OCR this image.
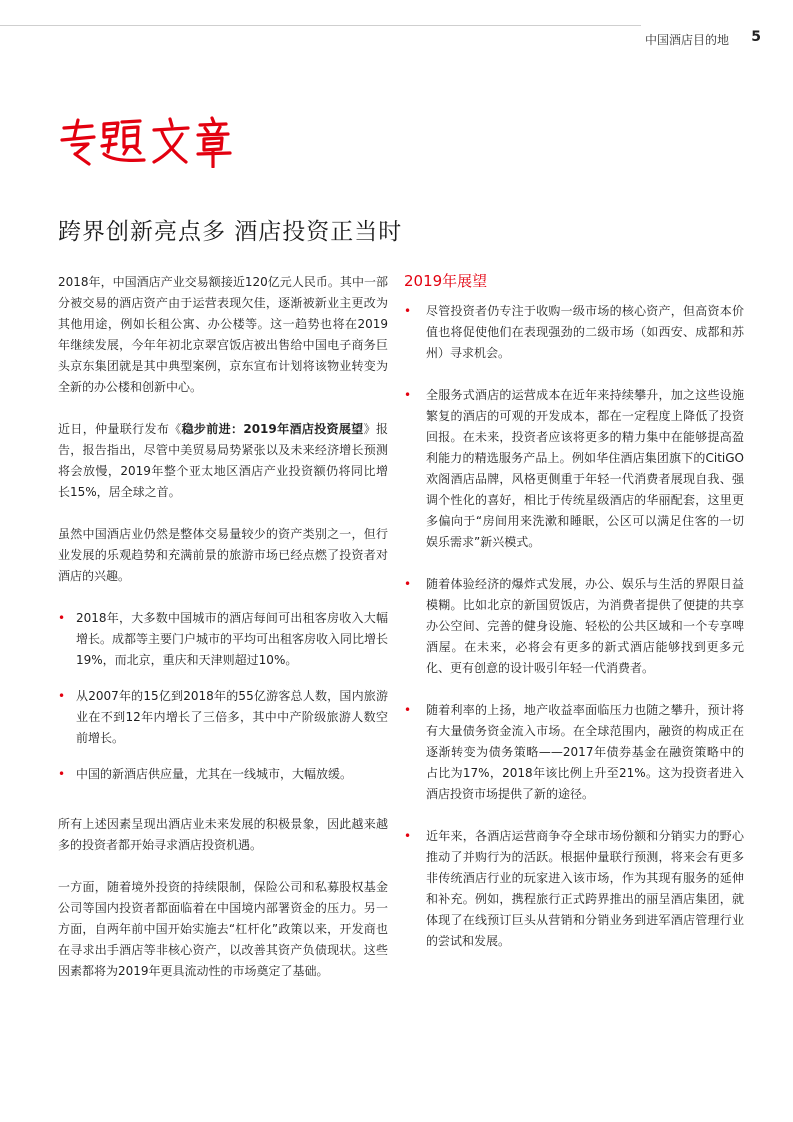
中国酒店目的地 5
跨界创新亮点多 酒店投资正当时

2018年，中国酒店产业交易额接近120亿元人民币。其中一部分被交易的酒店资产由于运营表现欠佳，逐渐被新业主更改为其他用途，例如长租公寓、办公楼等。这一趋势也将在2019年继续发展，今年年初北京翠宫饭店被出售给中国电子商务巨头京东集团就是其中典型案例，京东宣布计划将该物业转变为全新的办公楼和创新中心。

近日，仲量联行发布《稳步前进：2019年酒店投资展望》报告，报告指出，尽管中美贸易局势紧张以及未来经济增长预测将会放慢，2019年整个亚太地区酒店产业投资额仍将同比增长15%，居全球之首。

虽然中国酒店业仍然是整体交易量较少的资产类别之一，但行业发展的乐观趋势和充满前景的旅游市场已经点燃了投资者对酒店的兴趣。

• 2018年，大多数中国城市的酒店每间可出租客房收入大幅增长。成都等主要门户城市的平均可出租客房收入同比增长19%，而北京，重庆和天津则超过10%。
• 从2007年的15亿到2018年的55亿游客总人数，国内旅游业在不到12年内增长了三倍多，其中中产阶级旅游人数空前增长。
• 中国的新酒店供应量，尤其在一线城市，大幅放缓。

所有上述因素呈现出酒店业未来发展的积极景象，因此越来越多的投资者都开始寻求酒店投资机遇。

一方面，随着境外投资的持续限制，保险公司和私募股权基金公司等国内投资者都面临着在中国境内部署资金的压力。另一方面，自两年前中国开始实施去“杠杆化”政策以来，开发商也在寻求出手酒店等非核心资产，以改善其资产负债现状。这些因素都将为2019年更具流动性的市场奠定了基础。

2019年展望
• 尽管投资者仍专注于收购一级市场的核心资产，但高资本价值也将促使他们在表现强劲的二级市场（如西安、成都和苏州）寻求机会。
• 全服务式酒店的运营成本在近年来持续攀升，加之这些设施繁复的酒店的可观的开发成本，都在一定程度上降低了投资回报。在未来，投资者应该将更多的精力集中在能够提高盈利能力的精选服务产品上。例如华住酒店集团旗下的CitiGO欢阁酒店品牌，风格更侧重于年轻一代消费者展现自我、强调个性化的喜好，相比于传统星级酒店的华丽配套，这里更多偏向于“房间用来洗漱和睡眠，公区可以满足住客的一切娱乐需求”新兴模式。
• 随着体验经济的爆炸式发展，办公、娱乐与生活的界限日益模糊。比如北京的新国贸饭店，为消费者提供了便捷的共享办公空间、完善的健身设施、轻松的公共区域和一个专享啤酒屋。在未来，必将会有更多的新式酒店能够找到更多元化、更有创意的设计吸引年轻一代消费者。
• 随着利率的上扬，地产收益率面临压力也随之攀升，预计将有大量债务资金流入市场。在全球范围内，融资的构成正在逐渐转变为债务策略——2017年债券基金在融资策略中的占比为17%，2018年该比例上升至21%。这为投资者进入酒店投资市场提供了新的途径。
• 近年来，各酒店运营商争夺全球市场份额和分销实力的野心推动了并购行为的活跃。根据仲量联行预测，将来会有更多非传统酒店行业的玩家进入该市场，作为其现有服务的延伸和补充。例如，携程旅行正式跨界推出的丽呈酒店集团，就体现了在线预订巨头从营销和分销业务到进军酒店管理行业的尝试和发展。
